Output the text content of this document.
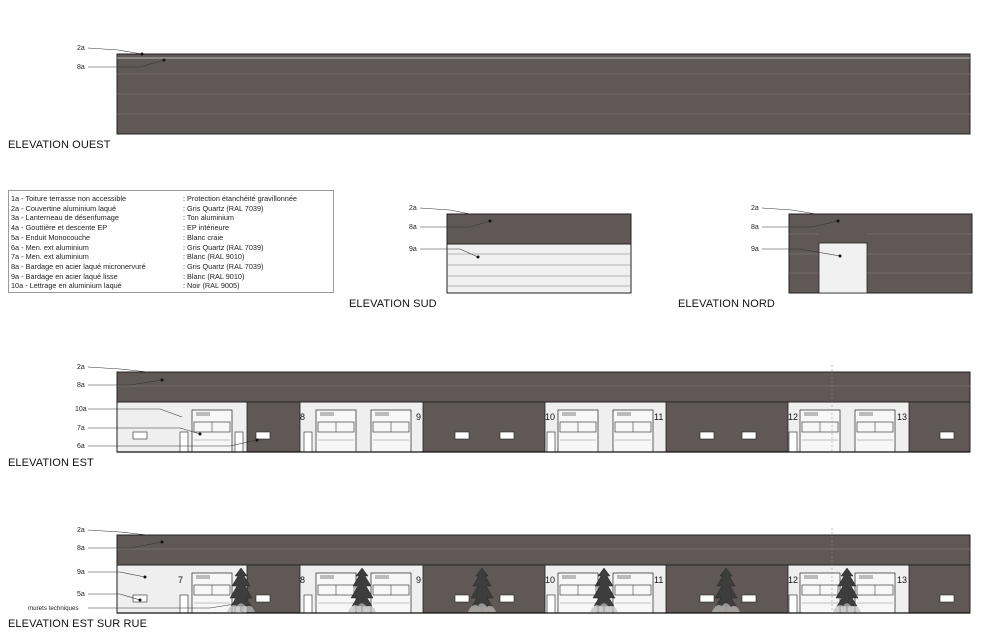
2a
8a
2a
8a
9a
2a
8a
9a
8	9	10	11	12	13
2a
8a
10a
7a
6a
7	8	9	10	11	12	13
2a
8a
9a
5a
murets techniques
ELEVATION OUEST
ELEVATION SUD	ELEVATION NORD
ELEVATION EST
ELEVATION EST SUR RUE
1a - Toiture terrasse non accessible	: Protection étanchéité gravillonnée
2a - Couvertine aluminium laqué	: Gris Quartz (RAL 7039)
3a - Lanterneau de désenfumage	: Ton aluminium
4a - Gouttière et descente EP	: EP intérieure
5a - Enduit Monocouche	: Blanc craie
6a - Men. ext aluminium	: Gris Quartz (RAL 7039)
7a - Men. ext aluminium	: Blanc (RAL 9010)
8a - Bardage en acier laqué micronervuré	: Gris Quartz (RAL 7039)
9a - Bardage en acier laqué lisse	: Blanc (RAL 9010)
10a - Lettrage en aluminium laqué	: Noir (RAL 9005)
